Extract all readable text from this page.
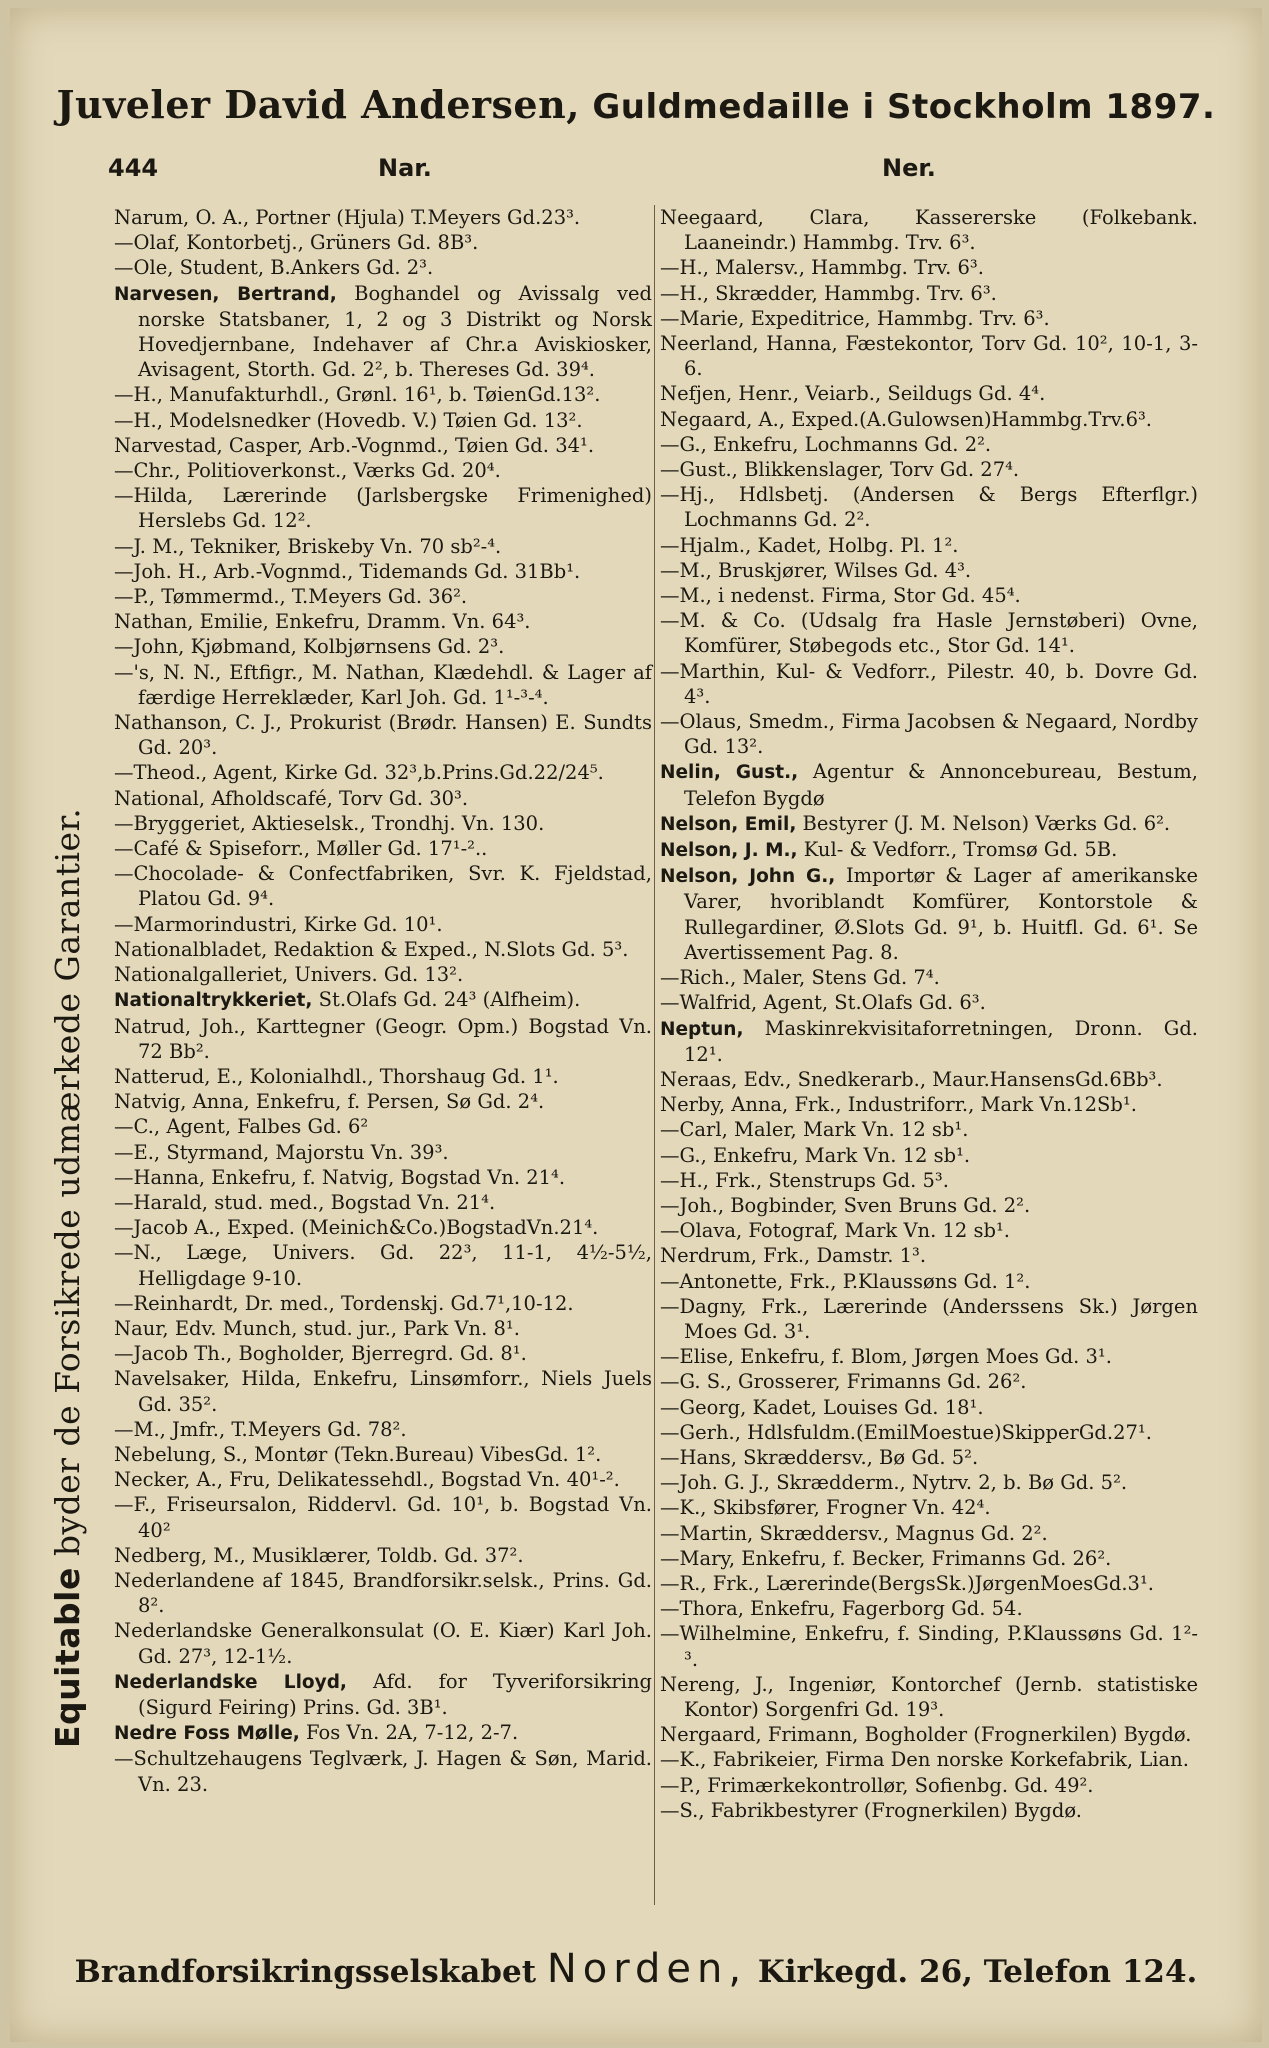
Juveler David Andersen, Guldmedaille i Stockholm 1897.
444	Nar.	Ner.
Equitable byder de Forsikrede udmærkede Garantier.
Narum, O. A., Portner (Hjula) T.Meyers Gd.23³.
—Olaf, Kontorbetj., Grüners Gd. 8B³.
—Ole, Student, B.Ankers Gd. 2³.
Narvesen, Bertrand, Boghandel og Avissalg ved norske Statsbaner, 1, 2 og 3 Distrikt og Norsk Hovedjernbane, Indehaver af Chr.a Aviskiosker, Avisagent, Storth. Gd. 2², b. Thereses Gd. 39⁴.
—H., Manufakturhdl., Grønl. 16¹, b. TøienGd.13².
—H., Modelsnedker (Hovedb. V.) Tøien Gd. 13².
Narvestad, Casper, Arb.-Vognmd., Tøien Gd. 34¹.
—Chr., Politioverkonst., Værks Gd. 20⁴.
—Hilda, Lærerinde (Jarlsbergske Frimenighed) Herslebs Gd. 12².
—J. M., Tekniker, Briskeby Vn. 70 sb²-⁴.
—Joh. H., Arb.-Vognmd., Tidemands Gd. 31Bb¹.
—P., Tømmermd., T.Meyers Gd. 36².
Nathan, Emilie, Enkefru, Dramm. Vn. 64³.
—John, Kjøbmand, Kolbjørnsens Gd. 2³.
—'s, N. N., Eftfigr., M. Nathan, Klædehdl. & Lager af færdige Herreklæder, Karl Joh. Gd. 1¹-³-⁴.
Nathanson, C. J., Prokurist (Brødr. Hansen) E. Sundts Gd. 20³.
—Theod., Agent, Kirke Gd. 32³,b.Prins.Gd.22/24⁵.
National, Afholdscafé, Torv Gd. 30³.
—Bryggeriet, Aktieselsk., Trondhj. Vn. 130.
—Café & Spiseforr., Møller Gd. 17¹-²..
—Chocolade- & Confectfabriken, Svr. K. Fjeldstad, Platou Gd. 9⁴.
—Marmorindustri, Kirke Gd. 10¹.
Nationalbladet, Redaktion & Exped., N.Slots Gd. 5³.
Nationalgalleriet, Univers. Gd. 13².
Nationaltrykkeriet, St.Olafs Gd. 24³ (Alfheim).
Natrud, Joh., Karttegner (Geogr. Opm.) Bogstad Vn. 72 Bb².
Natterud, E., Kolonialhdl., Thorshaug Gd. 1¹.
Natvig, Anna, Enkefru, f. Persen, Sø Gd. 2⁴.
—C., Agent, Falbes Gd. 6²
—E., Styrmand, Majorstu Vn. 39³.
—Hanna, Enkefru, f. Natvig, Bogstad Vn. 21⁴.
—Harald, stud. med., Bogstad Vn. 21⁴.
—Jacob A., Exped. (Meinich&Co.)BogstadVn.21⁴.
—N., Læge, Univers. Gd. 22³, 11-1, 4½-5½, Helligdage 9-10.
—Reinhardt, Dr. med., Tordenskj. Gd.7¹,10-12.
Naur, Edv. Munch, stud. jur., Park Vn. 8¹.
—Jacob Th., Bogholder, Bjerregrd. Gd. 8¹.
Navelsaker, Hilda, Enkefru, Linsømforr., Niels Juels Gd. 35².
—M., Jmfr., T.Meyers Gd. 78².
Nebelung, S., Montør (Tekn.Bureau) VibesGd. 1².
Necker, A., Fru, Delikatessehdl., Bogstad Vn. 40¹-².
—F., Friseursalon, Riddervl. Gd. 10¹, b. Bogstad Vn. 40²
Nedberg, M., Musiklærer, Toldb. Gd. 37².
Nederlandene af 1845, Brandforsikr.selsk., Prins. Gd. 8².
Nederlandske Generalkonsulat (O. E. Kiær) Karl Joh. Gd. 27³, 12-1½.
Nederlandske Lloyd, Afd. for Tyveriforsikring (Sigurd Feiring) Prins. Gd. 3B¹.
Nedre Foss Mølle, Fos Vn. 2A, 7-12, 2-7.
—Schultzehaugens Teglværk, J. Hagen & Søn, Marid. Vn. 23.
Neegaard, Clara, Kassererske (Folkebank. Laaneindr.) Hammbg. Trv. 6³.
—H., Malersv., Hammbg. Trv. 6³.
—H., Skrædder, Hammbg. Trv. 6³.
—Marie, Expeditrice, Hammbg. Trv. 6³.
Neerland, Hanna, Fæstekontor, Torv Gd. 10², 10-1, 3-6.
Nefjen, Henr., Veiarb., Seildugs Gd. 4⁴.
Negaard, A., Exped.(A.Gulowsen)Hammbg.Trv.6³.
—G., Enkefru, Lochmanns Gd. 2².
—Gust., Blikkenslager, Torv Gd. 27⁴.
—Hj., Hdlsbetj. (Andersen & Bergs Efterflgr.) Lochmanns Gd. 2².
—Hjalm., Kadet, Holbg. Pl. 1².
—M., Bruskjører, Wilses Gd. 4³.
—M., i nedenst. Firma, Stor Gd. 45⁴.
—M. & Co. (Udsalg fra Hasle Jernstøberi) Ovne, Komfürer, Støbegods etc., Stor Gd. 14¹.
—Marthin, Kul- & Vedforr., Pilestr. 40, b. Dovre Gd. 4³.
—Olaus, Smedm., Firma Jacobsen & Negaard, Nordby Gd. 13².
Nelin, Gust., Agentur & Annoncebureau, Bestum, Telefon Bygdø
Nelson, Emil, Bestyrer (J. M. Nelson) Værks Gd. 6².
Nelson, J. M., Kul- & Vedforr., Tromsø Gd. 5B.
Nelson, John G., Importør & Lager af amerikanske Varer, hvoriblandt Komfürer, Kontorstole & Rullegardiner, Ø.Slots Gd. 9¹, b. Huitfl. Gd. 6¹. Se Avertissement Pag. 8.
—Rich., Maler, Stens Gd. 7⁴.
—Walfrid, Agent, St.Olafs Gd. 6³.
Neptun, Maskinrekvisitaforretningen, Dronn. Gd. 12¹.
Neraas, Edv., Snedkerarb., Maur.HansensGd.6Bb³.
Nerby, Anna, Frk., Industriforr., Mark Vn.12Sb¹.
—Carl, Maler, Mark Vn. 12 sb¹.
—G., Enkefru, Mark Vn. 12 sb¹.
—H., Frk., Stenstrups Gd. 5³.
—Joh., Bogbinder, Sven Bruns Gd. 2².
—Olava, Fotograf, Mark Vn. 12 sb¹.
Nerdrum, Frk., Damstr. 1³.
—Antonette, Frk., P.Klaussøns Gd. 1².
—Dagny, Frk., Lærerinde (Anderssens Sk.) Jørgen Moes Gd. 3¹.
—Elise, Enkefru, f. Blom, Jørgen Moes Gd. 3¹.
—G. S., Grosserer, Frimanns Gd. 26².
—Georg, Kadet, Louises Gd. 18¹.
—Gerh., Hdlsfuldm.(EmilMoestue)SkipperGd.27¹.
—Hans, Skræddersv., Bø Gd. 5².
—Joh. G. J., Skrædderm., Nytrv. 2, b. Bø Gd. 5².
—K., Skibsfører, Frogner Vn. 42⁴.
—Martin, Skræddersv., Magnus Gd. 2².
—Mary, Enkefru, f. Becker, Frimanns Gd. 26².
—R., Frk., Lærerinde(BergsSk.)JørgenMoesGd.3¹.
—Thora, Enkefru, Fagerborg Gd. 54.
—Wilhelmine, Enkefru, f. Sinding, P.Klaussøns Gd. 1²-³.
Nereng, J., Ingeniør, Kontorchef (Jernb. statistiske Kontor) Sorgenfri Gd. 19³.
Nergaard, Frimann, Bogholder (Frognerkilen) Bygdø.
—K., Fabrikeier, Firma Den norske Korkefabrik, Lian.
—P., Frimærkekontrollør, Sofienbg. Gd. 49².
—S., Fabrikbestyrer (Frognerkilen) Bygdø.
Brandforsikringsselskabet Norden, Kirkegd. 26, Telefon 124.
